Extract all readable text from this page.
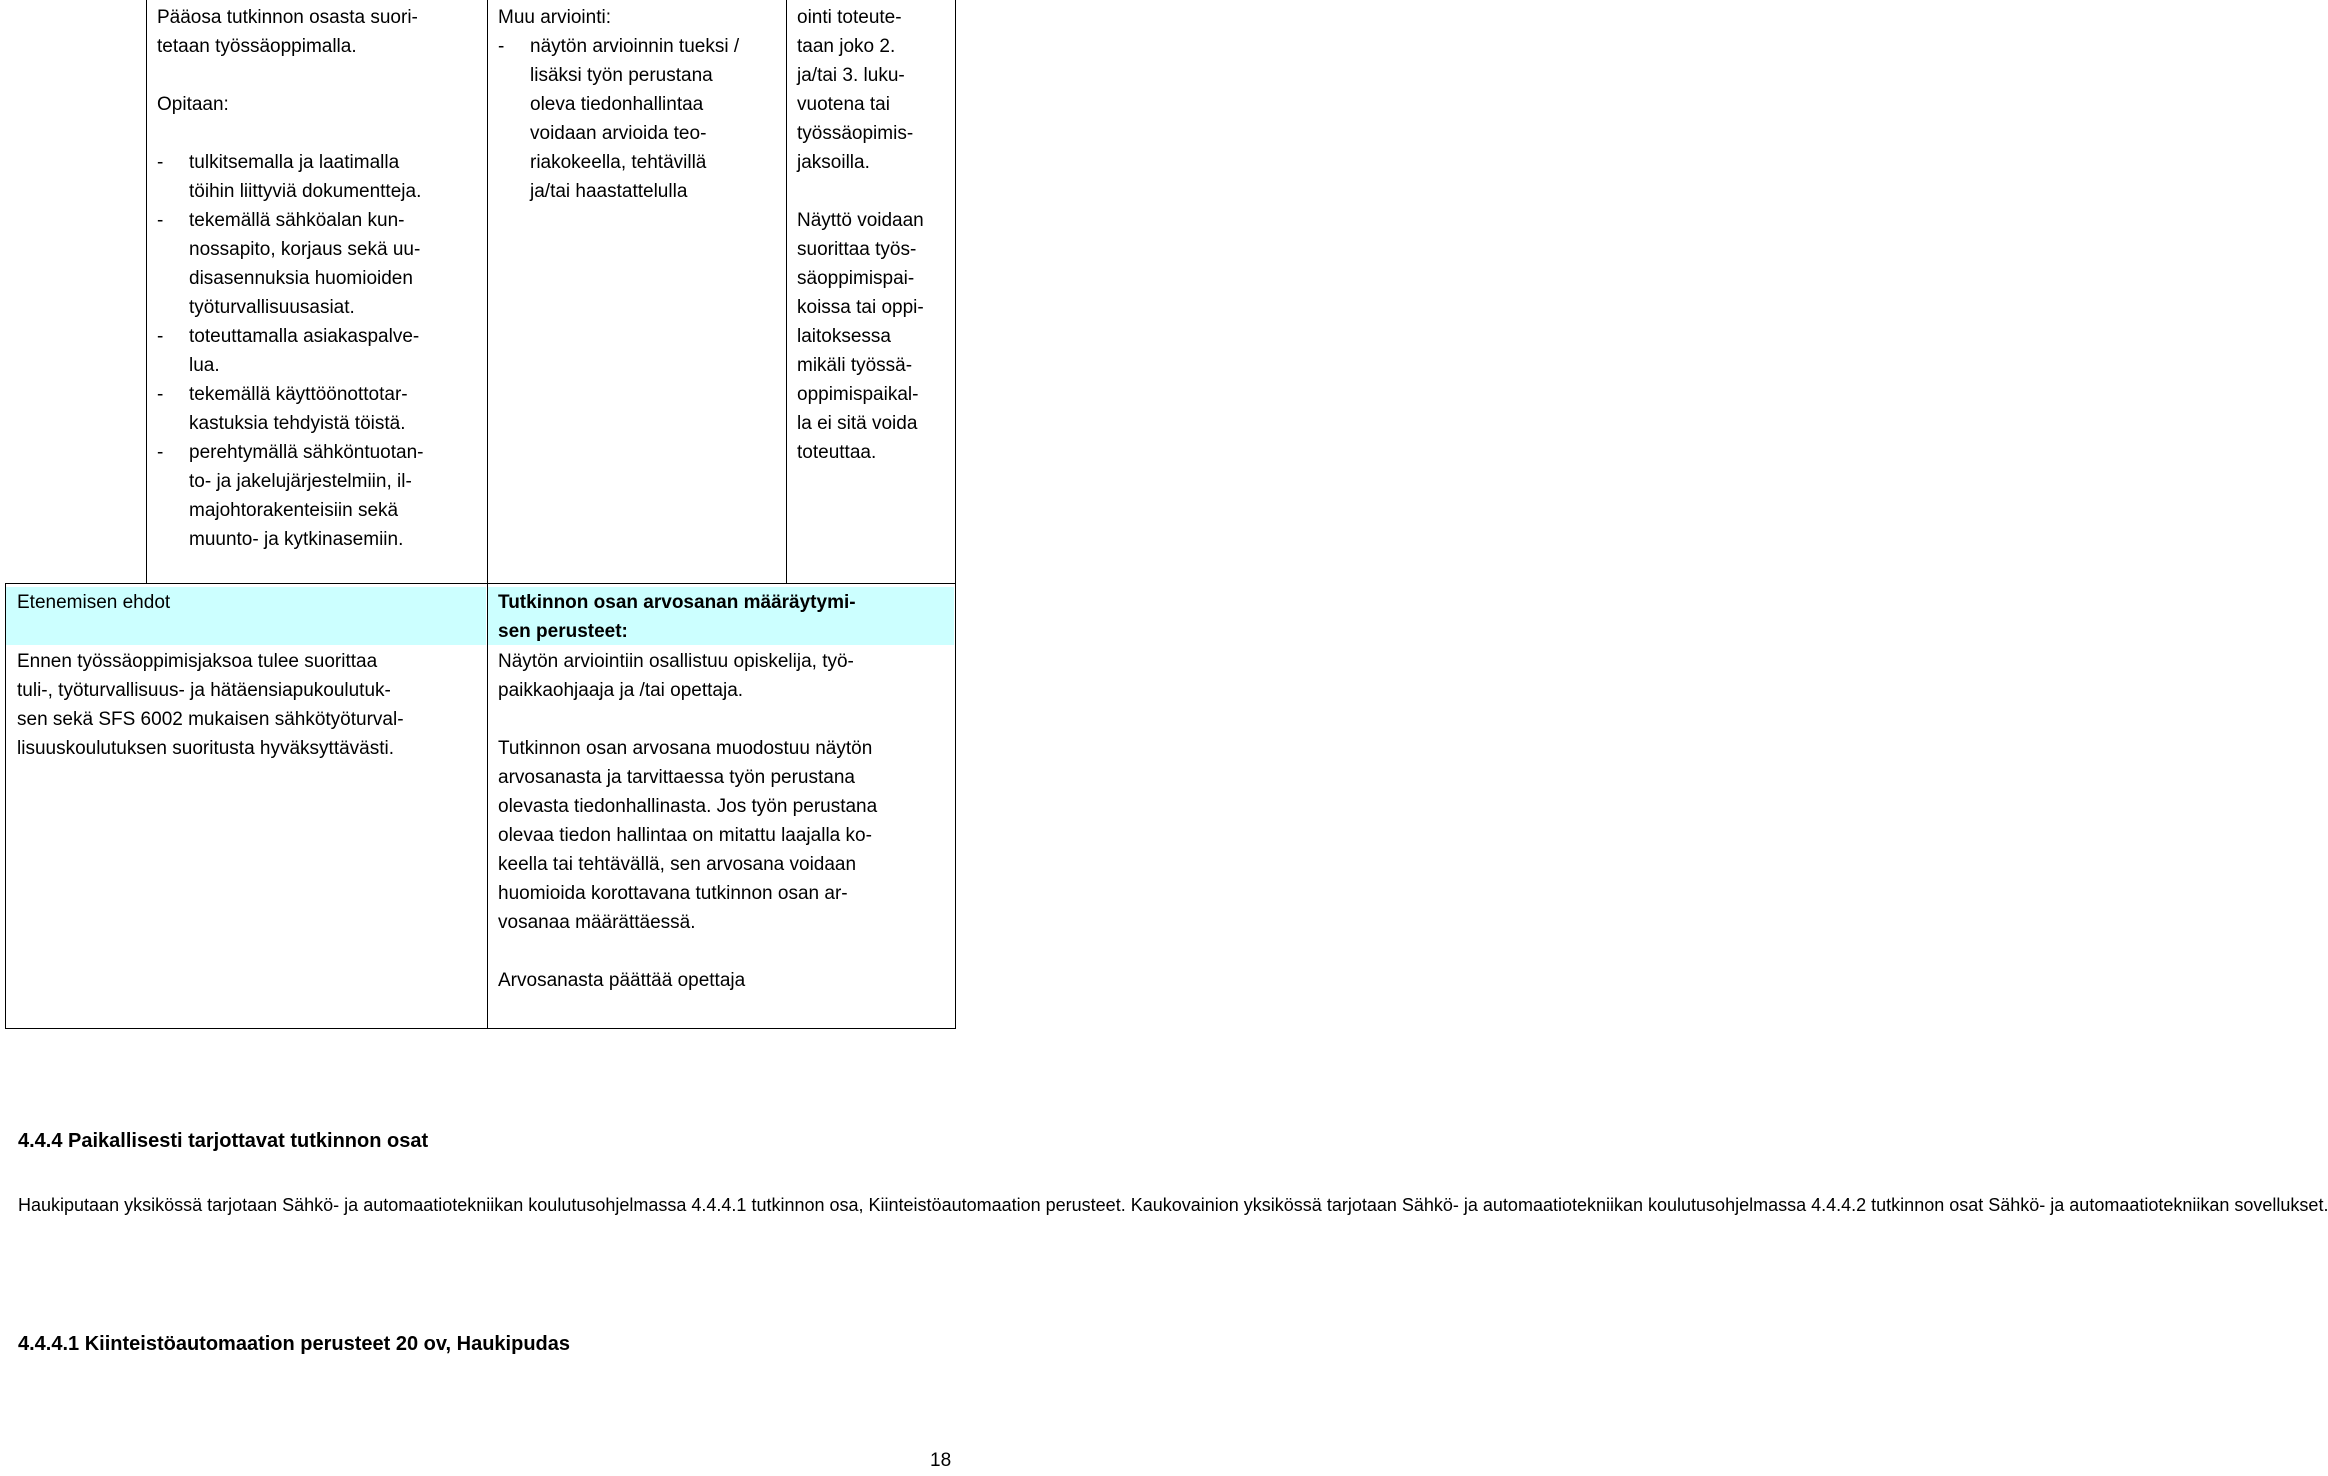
Pääosa tutkinnon osasta suori-
tetaan työssäoppimalla.
Opitaan:
- tulkitsemalla ja laatimalla
töihin liittyviä dokumentteja.
- tekemällä sähköalan kun-
nossapito, korjaus sekä uu-
disasennuksia huomioiden
työturvallisuusasiat.
- toteuttamalla asiakaspalve-
lua.
- tekemällä käyttöönottotar-
kastuksia tehdyistä töistä.
- perehtymällä sähköntuotan-
to- ja jakelujärjestelmiin, il-
majohtorakenteisiin sekä
muunto- ja kytkinasemiin.
Muu arviointi:
- näytön arvioinnin tueksi /
lisäksi työn perustana
oleva tiedonhallintaa
voidaan arvioida teo-
riakokeella, tehtävillä
ja/tai haastattelulla
ointi toteute-
taan joko 2.
ja/tai 3. luku-
vuotena tai
työssäopimis-
jaksoilla.
Näyttö voidaan
suorittaa työs-
säoppimispai-
koissa tai oppi-
laitoksessa
mikäli työssä-
oppimispaikal-
la ei sitä voida
toteuttaa.
Etenemisen ehdot
Ennen työssäoppimisjaksoa tulee suorittaa
tuli-, työturvallisuus- ja hätäensiapukoulutuk-
sen sekä SFS 6002 mukaisen sähkötyöturval-
lisuuskoulutuksen suoritusta hyväksyttävästi.
Tutkinnon osan arvosanan määräytymi-
sen perusteet:
Näytön arviointiin osallistuu opiskelija, työ-
paikkaohjaaja ja /tai opettaja.
Tutkinnon osan arvosana muodostuu näytön
arvosanasta ja tarvittaessa työn perustana
olevasta tiedonhallinasta. Jos työn perustana
olevaa tiedon hallintaa on mitattu laajalla ko-
keella tai tehtävällä, sen arvosana voidaan
huomioida korottavana tutkinnon osan ar-
vosanaa määrättäessä.
Arvosanasta päättää opettaja
4.4.4 Paikallisesti tarjottavat tutkinnon osat
Haukiputaan yksikössä tarjotaan Sähkö- ja automaatiotekniikan koulutusohjelmassa 4.4.4.1 tutkinnon osa, Kiinteistöautomaation perusteet. Kaukovainion yksikössä tarjotaan Sähkö- ja automaatiotekniikan koulutusohjelmassa 4.4.4.2 tutkinnon osat Sähkö- ja automaatiotekniikan sovellukset.
4.4.4.1 Kiinteistöautomaation perusteet 20 ov, Haukipudas
18
